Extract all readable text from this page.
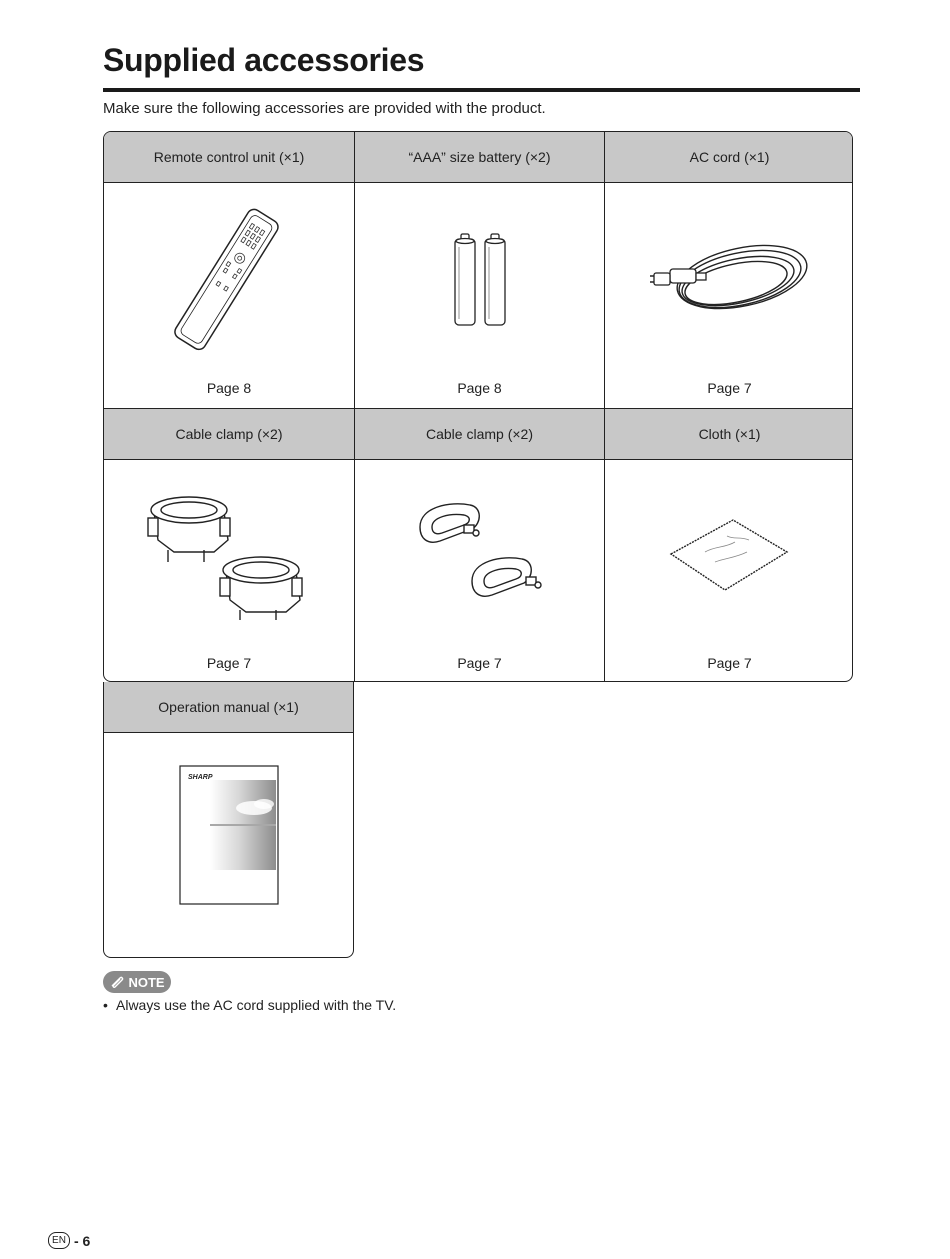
Supplied accessories
Make sure the following accessories are provided with the product.
Remote control unit (×1)
Page 8
“AAA” size battery (×2)
Page 8
AC cord (×1)
Page 7
Cable clamp (×2)
Page 7
Cable clamp (×2)
Page 7
Cloth (×1)
Page 7
Operation manual (×1)
SHARP
NOTE
• Always use the AC cord supplied with the TV.
EN - 6
